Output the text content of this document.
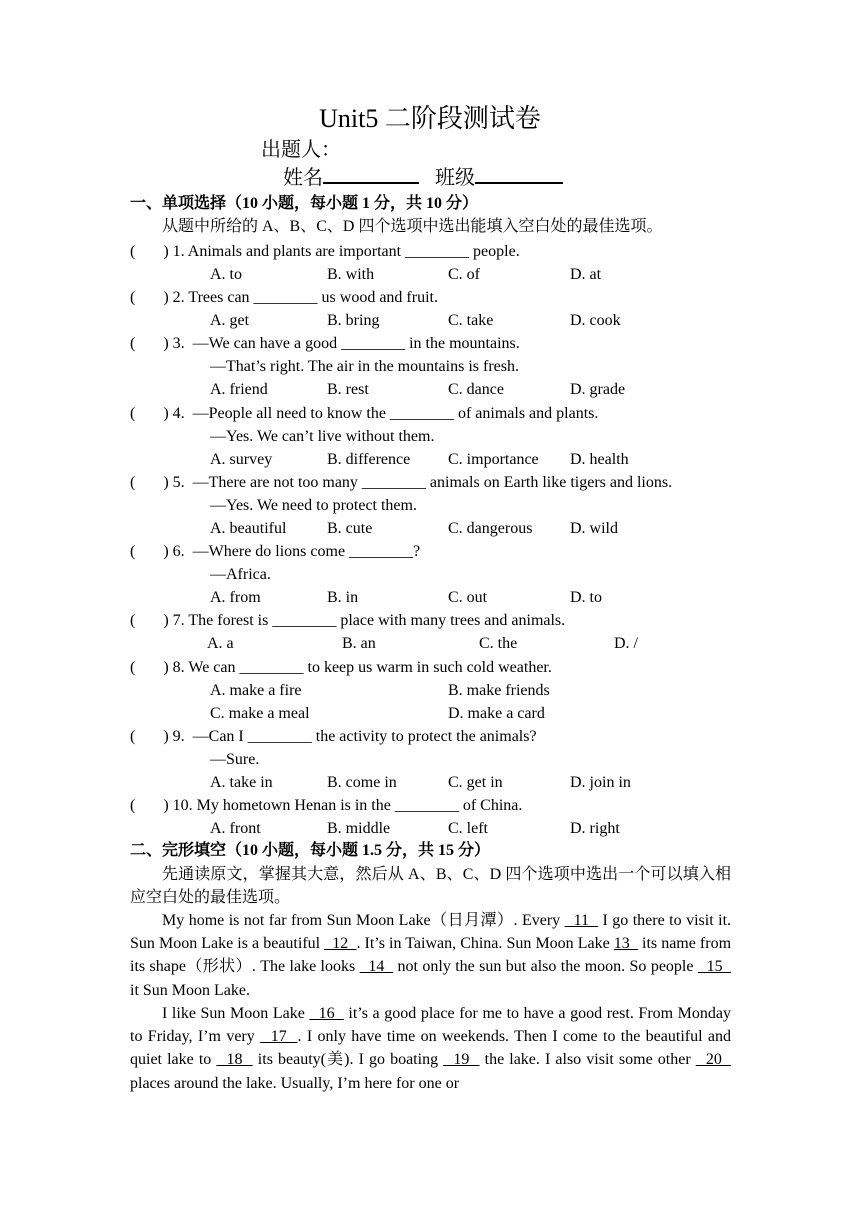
Unit5 二阶段测试卷
出题人：
姓名	班级
一、单项选择（10 小题，每小题 1 分，共 10 分）
从题中所给的 A、B、C、D 四个选项中选出能填入空白处的最佳选项。
(       ) 1. Animals and plants are important ________ people.
A. to	B. with	C. of	D. at
(       ) 2. Trees can ________ us wood and fruit.
A. get	B. bring	C. take	D. cook
(       ) 3.  —We can have a good ________ in the mountains.
—That’s right. The air in the mountains is fresh.
A. friend	B. rest	C. dance	D. grade
(       ) 4.  —People all need to know the ________ of animals and plants.
—Yes. We can’t live without them.
A. survey	B. difference C. importance D. health
(       ) 5.  —There are not too many ________ animals on Earth like tigers and lions.
—Yes. We need to protect them.
A. beautiful	B. cute	C. dangerous D. wild
(       ) 6.  —Where do lions come ________?
—Africa.
A. from	B. in	C. out	D. to
(       ) 7. The forest is ________ place with many trees and animals.
A. a	B. an	C. the	D. /
(       ) 8. We can ________ to keep us warm in such cold weather.
A. make a fire	B. make friends
C. make a meal	D. make a card
(       ) 9.  —Can I ________ the activity to protect the animals?
—Sure.
A. take in	B. come in	C. get in	D. join in
(       ) 10. My hometown Henan is in the ________ of China.
A. front	B. middle	C. left	D. right
二、完形填空（10 小题，每小题 1.5 分，共 15 分）
先通读原文，掌握其大意，然后从 A、B、C、D 四个选项中选出一个可以填入相应空白处的最佳选项。
My home is not far from Sun Moon Lake（日月潭）. Every   11   I go there to visit it. Sun Moon Lake is a beautiful   12  . It’s in Taiwan, China. Sun Moon Lake 13   its name from its shape（形状）. The lake looks   14   not only the sun but also the moon. So people   15   it Sun Moon Lake.
I like Sun Moon Lake   16   it’s a good place for me to have a good rest. From Monday to Friday, I’m very   17  . I only have time on weekends. Then I come to the beautiful and quiet lake to   18   its beauty(美). I go boating   19   the lake. I also visit some other   20   places around the lake. Usually, I’m here for one or
